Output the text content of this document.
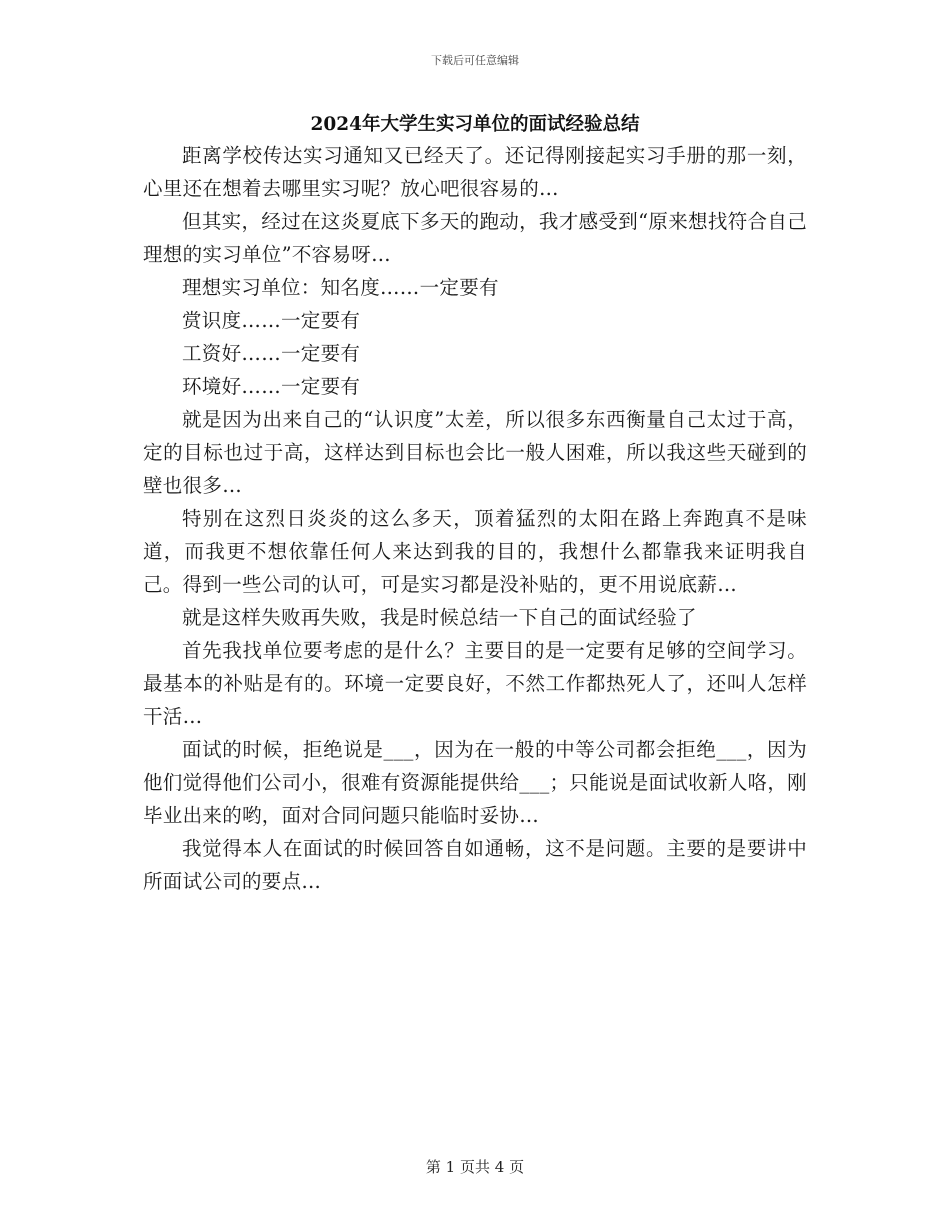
下载后可任意编辑
2024年大学生实习单位的面试经验总结

距离学校传达实习通知又已经天了。还记得刚接起实习手册的那一刻，心里还在想着去哪里实习呢？放心吧很容易的…

但其实，经过在这炎夏底下多天的跑动，我才感受到“原来想找符合自己理想的实习单位”不容易呀…

理想实习单位：知名度……一定要有

赏识度……一定要有

工资好……一定要有

环境好……一定要有

就是因为出来自己的“认识度”太差，所以很多东西衡量自己太过于高，定的目标也过于高，这样达到目标也会比一般人困难，所以我这些天碰到的壁也很多…

特别在这烈日炎炎的这么多天，顶着猛烈的太阳在路上奔跑真不是味道，而我更不想依靠任何人来达到我的目的，我想什么都靠我来证明我自己。得到一些公司的认可，可是实习都是没补贴的，更不用说底薪…

就是这样失败再失败，我是时候总结一下自己的面试经验了

首先我找单位要考虑的是什么？主要目的是一定要有足够的空间学习。最基本的补贴是有的。环境一定要良好，不然工作都热死人了，还叫人怎样干活…

面试的时候，拒绝说是___，因为在一般的中等公司都会拒绝___，因为他们觉得他们公司小，很难有资源能提供给___；只能说是面试收新人咯，刚毕业出来的哟，面对合同问题只能临时妥协…

我觉得本人在面试的时候回答自如通畅，这不是问题。主要的是要讲中所面试公司的要点…

第 1 页共 4 页
